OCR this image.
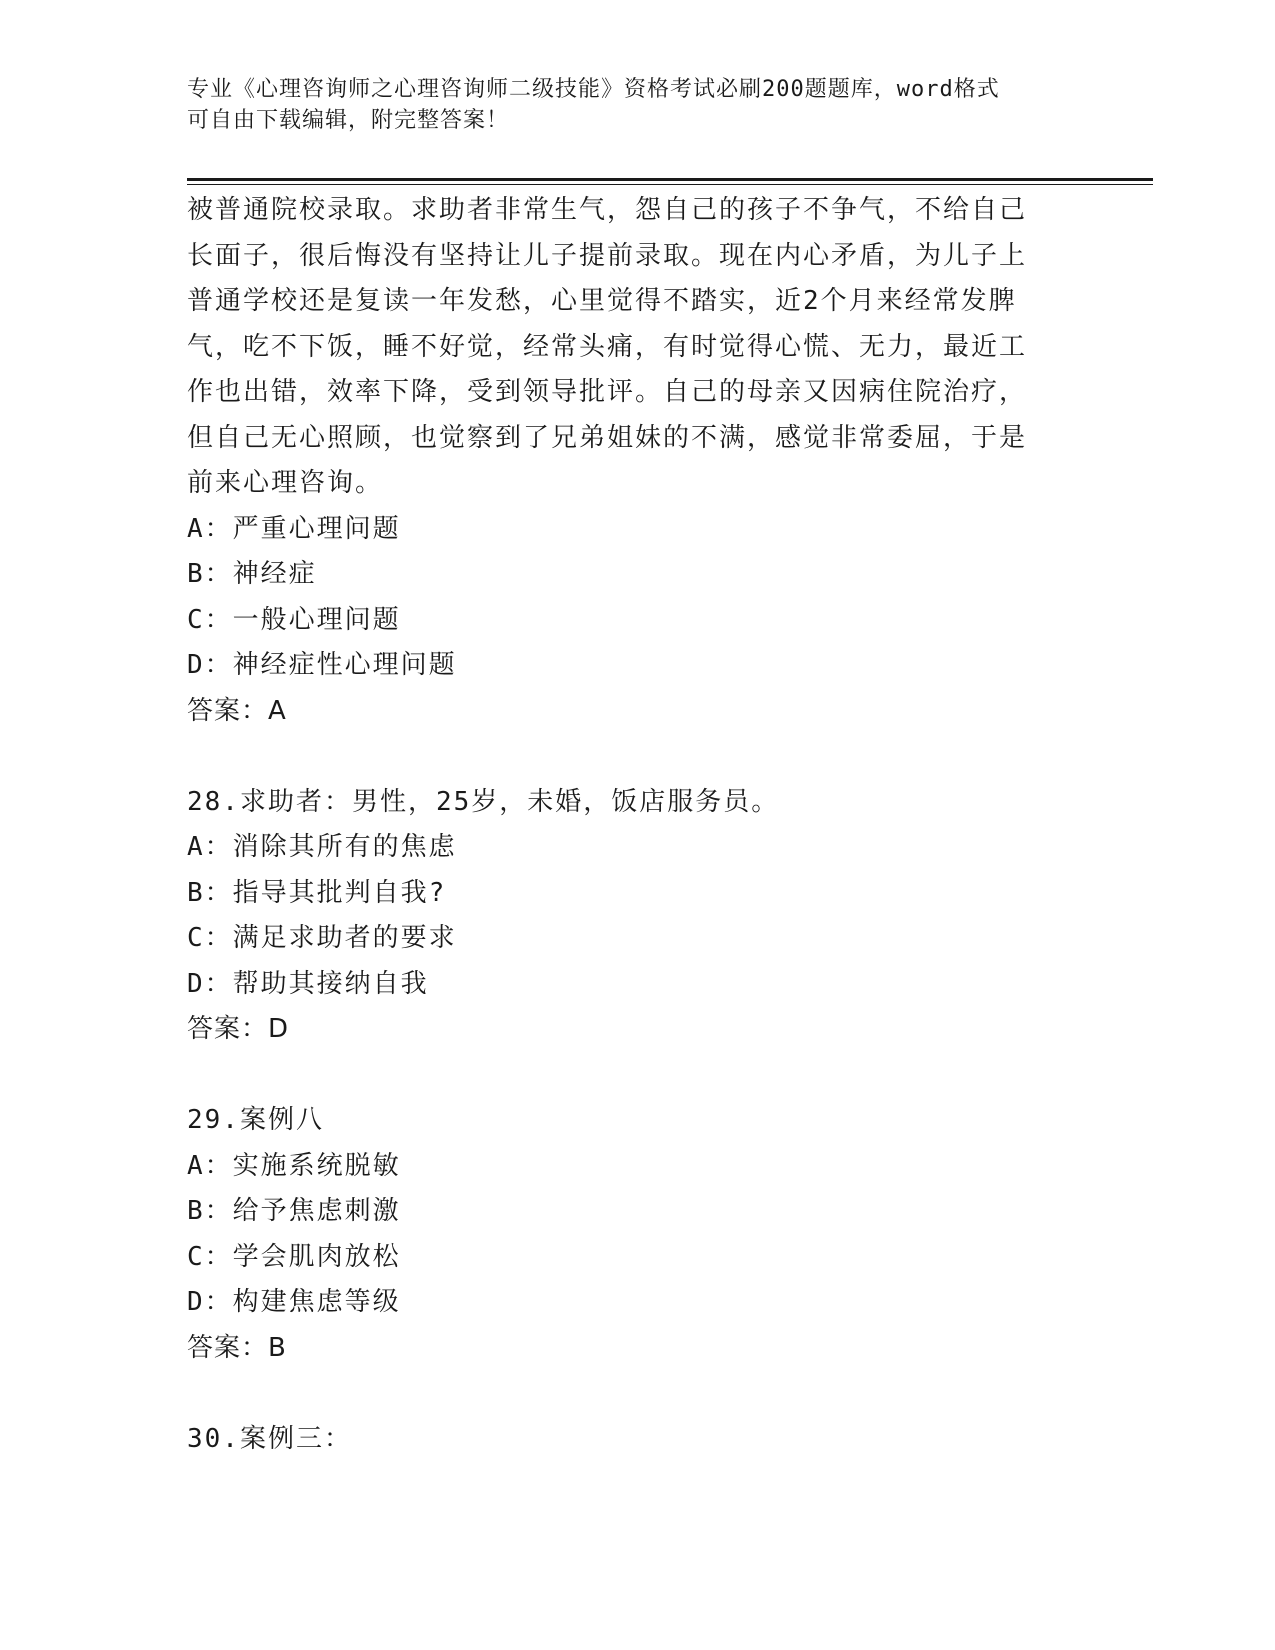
专业《心理咨询师之心理咨询师二级技能》资格考试必刷200题题库，word格式
可自由下载编辑，附完整答案！

被普通院校录取。求助者非常生气，怨自己的孩子不争气，不给自己

长面子，很后悔没有坚持让儿子提前录取。现在内心矛盾，为儿子上

普通学校还是复读一年发愁，心里觉得不踏实，近2个月来经常发脾

气，吃不下饭，睡不好觉，经常头痛，有时觉得心慌、无力，最近工

作也出错，效率下降，受到领导批评。自己的母亲又因病住院治疗，

但自己无心照顾，也觉察到了兄弟姐妹的不满，感觉非常委屈，于是

前来心理咨询。

A：严重心理问题

B：神经症

C：一般心理问题

D：神经症性心理问题

答案：A

28.求助者：男性，25岁，未婚，饭店服务员。

A：消除其所有的焦虑

B：指导其批判自我?

C：满足求助者的要求

D：帮助其接纳自我

答案：D

29.案例八

A：实施系统脱敏

B：给予焦虑刺激

C：学会肌肉放松

D：构建焦虑等级

答案：B

30.案例三：
